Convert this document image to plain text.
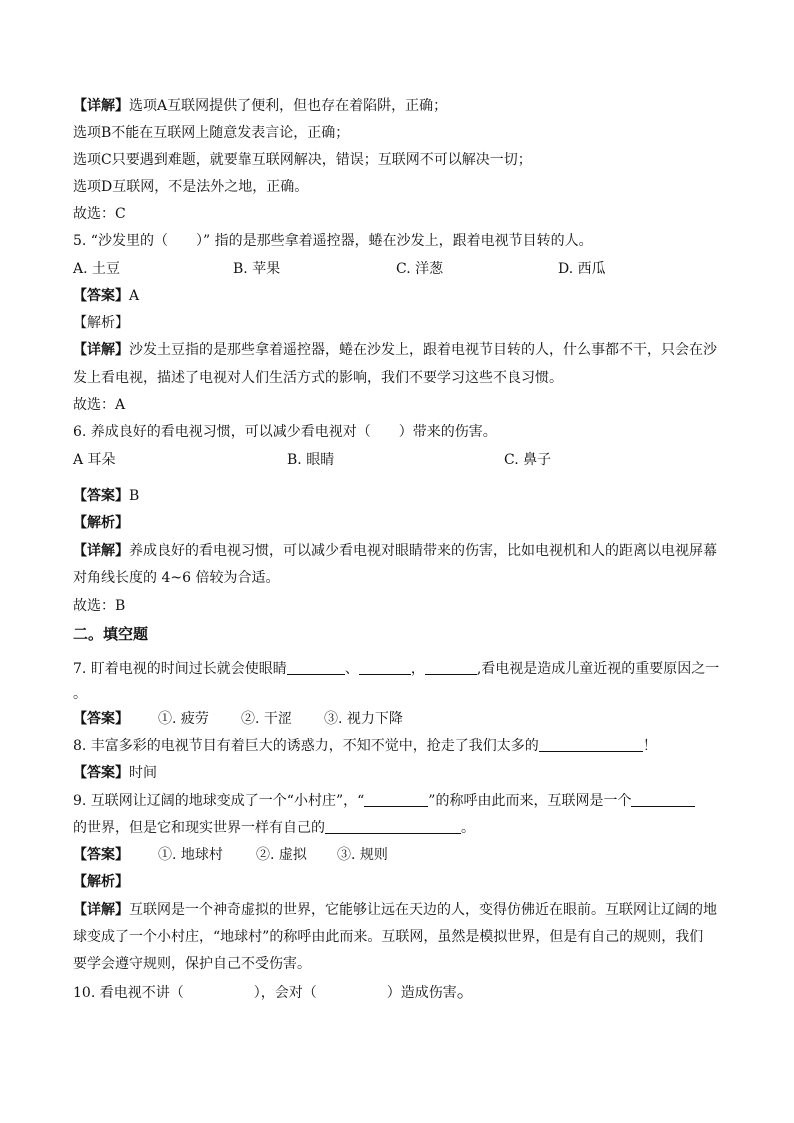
【详解】选项A互联网提供了便利，但也存在着陷阱，正确；
选项B不能在互联网上随意发表言论，正确；
选项C只要遇到难题，就要靠互联网解决，错误；互联网不可以解决一切；
选项D互联网，不是法外之地，正确。
故选：C
5. “沙发里的（　　）” 指的是那些拿着遥控器，蜷在沙发上，跟着电视节目转的人。
A. 土豆	B. 苹果	C. 洋葱	D. 西瓜
【答案】A
【解析】
【详解】沙发土豆指的是那些拿着遥控器，蜷在沙发上，跟着电视节目转的人，什么事都不干，只会在沙
发上看电视，描述了电视对人们生活方式的影响，我们不要学习这些不良习惯。
故选：A
6. 养成良好的看电视习惯，可以减少看电视对（　　）带来的伤害。
A 耳朵	B. 眼睛	C. 鼻子
【答案】B
【解析】
【详解】养成良好的看电视习惯，可以减少看电视对眼睛带来的伤害，比如电视机和人的距离以电视屏幕
对角线长度的 4~6 倍较为合适。
故选：B
二。填空题
7. 盯着电视的时间过长就会使眼睛	、	，	,看电视是造成儿童近视的重要原因之一
。
【答案】 ①. 疲劳 ②. 干涩 ③. 视力下降
8. 丰富多彩的电视节目有着巨大的诱惑力，不知不觉中，抢走了我们太多的	！
【答案】时间
9. 互联网让辽阔的地球变成了一个“小村庄”，“	”的称呼由此而来，互联网是一个
的世界，但是它和现实世界一样有自己的	。
【答案】 ①. 地球村 ②. 虚拟 ③. 规则
【解析】
【详解】互联网是一个神奇虚拟的世界，它能够让远在天边的人，变得仿佛近在眼前。互联网让辽阔的地
球变成了一个小村庄，“地球村”的称呼由此而来。互联网，虽然是模拟世界，但是有自己的规则，我们
要学会遵守规则，保护自己不受伤害。
10. 看电视不讲（　　　　　），会对（　　　　　）造成伤害。
